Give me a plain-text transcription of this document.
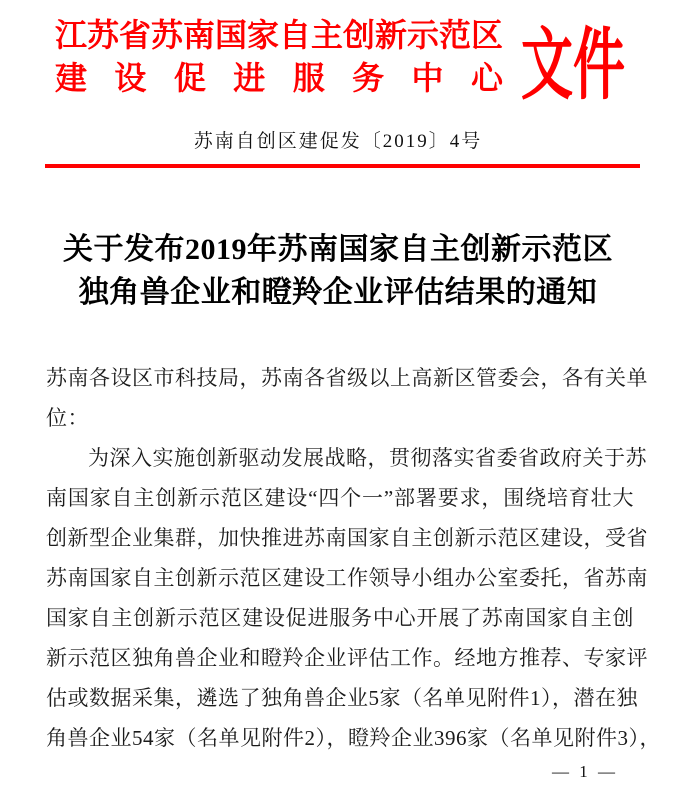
江苏省苏南国家自主创新示范区
建设促进服务中心 文件
苏南自创区建促发〔2019〕4号
关于发布2019年苏南国家自主创新示范区
独角兽企业和瞪羚企业评估结果的通知
苏南各设区市科技局，苏南各省级以上高新区管委会，各有关单
位：
为深入实施创新驱动发展战略，贯彻落实省委省政府关于苏
南国家自主创新示范区建设“四个一”部署要求，围绕培育壮大
创新型企业集群，加快推进苏南国家自主创新示范区建设，受省
苏南国家自主创新示范区建设工作领导小组办公室委托，省苏南
国家自主创新示范区建设促进服务中心开展了苏南国家自主创
新示范区独角兽企业和瞪羚企业评估工作。经地方推荐、专家评
估或数据采集，遴选了独角兽企业5家（名单见附件1），潜在独
角兽企业54家（名单见附件2），瞪羚企业396家（名单见附件3），
— 1 —
